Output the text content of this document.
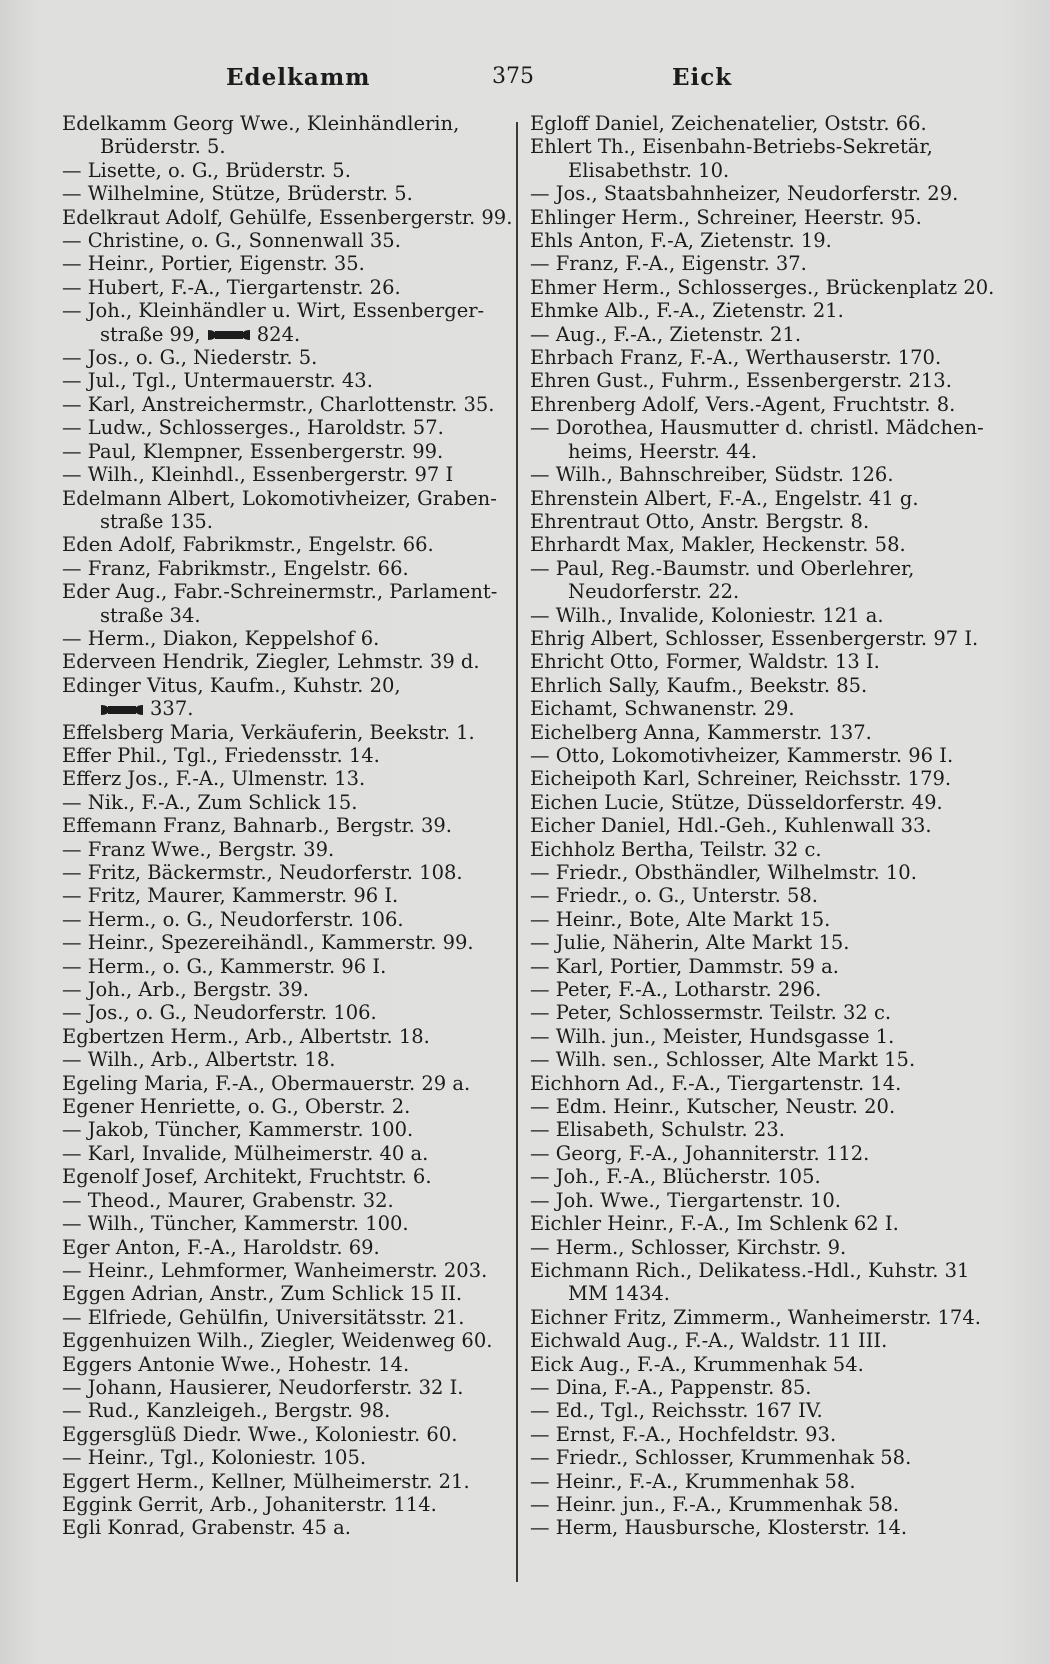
Edelkamm	375	Eick
Edelkamm Georg Wwe., Kleinhändlerin,
Brüderstr. 5.
— Lisette, o. G., Brüderstr. 5.
— Wilhelmine, Stütze, Brüderstr. 5.
Edelkraut Adolf, Gehülfe, Essenbergerstr. 99.
— Christine, o. G., Sonnenwall 35.
— Heinr., Portier, Eigenstr. 35.
— Hubert, F.-A., Tiergartenstr. 26.
— Joh., Kleinhändler u. Wirt, Essenberger-
straße 99,	824.
— Jos., o. G., Niederstr. 5.
— Jul., Tgl., Untermauerstr. 43.
— Karl, Anstreichermstr., Charlottenstr. 35.
— Ludw., Schlosserges., Haroldstr. 57.
— Paul, Klempner, Essenbergerstr. 99.
— Wilh., Kleinhdl., Essenbergerstr. 97 I
Edelmann Albert, Lokomotivheizer, Graben-
straße 135.
Eden Adolf, Fabrikmstr., Engelstr. 66.
— Franz, Fabrikmstr., Engelstr. 66.
Eder Aug., Fabr.-Schreinermstr., Parlament-
straße 34.
— Herm., Diakon, Keppelshof 6.
Ederveen Hendrik, Ziegler, Lehmstr. 39 d.
Edinger Vitus, Kaufm., Kuhstr. 20,
337.
Effelsberg Maria, Verkäuferin, Beekstr. 1.
Effer Phil., Tgl., Friedensstr. 14.
Efferz Jos., F.-A., Ulmenstr. 13.
— Nik., F.-A., Zum Schlick 15.
Effemann Franz, Bahnarb., Bergstr. 39.
— Franz Wwe., Bergstr. 39.
— Fritz, Bäckermstr., Neudorferstr. 108.
— Fritz, Maurer, Kammerstr. 96 I.
— Herm., o. G., Neudorferstr. 106.
— Heinr., Spezereihändl., Kammerstr. 99.
— Herm., o. G., Kammerstr. 96 I.
— Joh., Arb., Bergstr. 39.
— Jos., o. G., Neudorferstr. 106.
Egbertzen Herm., Arb., Albertstr. 18.
— Wilh., Arb., Albertstr. 18.
Egeling Maria, F.-A., Obermauerstr. 29 a.
Egener Henriette, o. G., Oberstr. 2.
— Jakob, Tüncher, Kammerstr. 100.
— Karl, Invalide, Mülheimerstr. 40 a.
Egenolf Josef, Architekt, Fruchtstr. 6.
— Theod., Maurer, Grabenstr. 32.
— Wilh., Tüncher, Kammerstr. 100.
Eger Anton, F.-A., Haroldstr. 69.
— Heinr., Lehmformer, Wanheimerstr. 203.
Eggen Adrian, Anstr., Zum Schlick 15 II.
— Elfriede, Gehülfin, Universitätsstr. 21.
Eggenhuizen Wilh., Ziegler, Weidenweg 60.
Eggers Antonie Wwe., Hohestr. 14.
— Johann, Hausierer, Neudorferstr. 32 I.
— Rud., Kanzleigeh., Bergstr. 98.
Eggersglüß Diedr. Wwe., Koloniestr. 60.
— Heinr., Tgl., Koloniestr. 105.
Eggert Herm., Kellner, Mülheimerstr. 21.
Eggink Gerrit, Arb., Johaniterstr. 114.
Egli Konrad, Grabenstr. 45 a.
Egloff Daniel, Zeichenatelier, Oststr. 66.
Ehlert Th., Eisenbahn-Betriebs-Sekretär,
Elisabethstr. 10.
— Jos., Staatsbahnheizer, Neudorferstr. 29.
Ehlinger Herm., Schreiner, Heerstr. 95.
Ehls Anton, F.-A, Zietenstr. 19.
— Franz, F.-A., Eigenstr. 37.
Ehmer Herm., Schlosserges., Brückenplatz 20.
Ehmke Alb., F.-A., Zietenstr. 21.
— Aug., F.-A., Zietenstr. 21.
Ehrbach Franz, F.-A., Werthauserstr. 170.
Ehren Gust., Fuhrm., Essenbergerstr. 213.
Ehrenberg Adolf, Vers.-Agent, Fruchtstr. 8.
— Dorothea, Hausmutter d. christl. Mädchen-
heims, Heerstr. 44.
— Wilh., Bahnschreiber, Südstr. 126.
Ehrenstein Albert, F.-A., Engelstr. 41 g.
Ehrentraut Otto, Anstr. Bergstr. 8.
Ehrhardt Max, Makler, Heckenstr. 58.
— Paul, Reg.-Baumstr. und Oberlehrer,
Neudorferstr. 22.
— Wilh., Invalide, Koloniestr. 121 a.
Ehrig Albert, Schlosser, Essenbergerstr. 97 I.
Ehricht Otto, Former, Waldstr. 13 I.
Ehrlich Sally, Kaufm., Beekstr. 85.
Eichamt, Schwanenstr. 29.
Eichelberg Anna, Kammerstr. 137.
— Otto, Lokomotivheizer, Kammerstr. 96 I.
Eicheipoth Karl, Schreiner, Reichsstr. 179.
Eichen Lucie, Stütze, Düsseldorferstr. 49.
Eicher Daniel, Hdl.-Geh., Kuhlenwall 33.
Eichholz Bertha, Teilstr. 32 c.
— Friedr., Obsthändler, Wilhelmstr. 10.
— Friedr., o. G., Unterstr. 58.
— Heinr., Bote, Alte Markt 15.
— Julie, Näherin, Alte Markt 15.
— Karl, Portier, Dammstr. 59 a.
— Peter, F.-A., Lotharstr. 296.
— Peter, Schlossermstr. Teilstr. 32 c.
— Wilh. jun., Meister, Hundsgasse 1.
— Wilh. sen., Schlosser, Alte Markt 15.
Eichhorn Ad., F.-A., Tiergartenstr. 14.
— Edm. Heinr., Kutscher, Neustr. 20.
— Elisabeth, Schulstr. 23.
— Georg, F.-A., Johanniterstr. 112.
— Joh., F.-A., Blücherstr. 105.
— Joh. Wwe., Tiergartenstr. 10.
Eichler Heinr., F.-A., Im Schlenk 62 I.
— Herm., Schlosser, Kirchstr. 9.
Eichmann Rich., Delikatess.-Hdl., Kuhstr. 31
MM 1434.
Eichner Fritz, Zimmerm., Wanheimerstr. 174.
Eichwald Aug., F.-A., Waldstr. 11 III.
Eick Aug., F.-A., Krummenhak 54.
— Dina, F.-A., Pappenstr. 85.
— Ed., Tgl., Reichsstr. 167 IV.
— Ernst, F.-A., Hochfeldstr. 93.
— Friedr., Schlosser, Krummenhak 58.
— Heinr., F.-A., Krummenhak 58.
— Heinr. jun., F.-A., Krummenhak 58.
— Herm, Hausbursche, Klosterstr. 14.
